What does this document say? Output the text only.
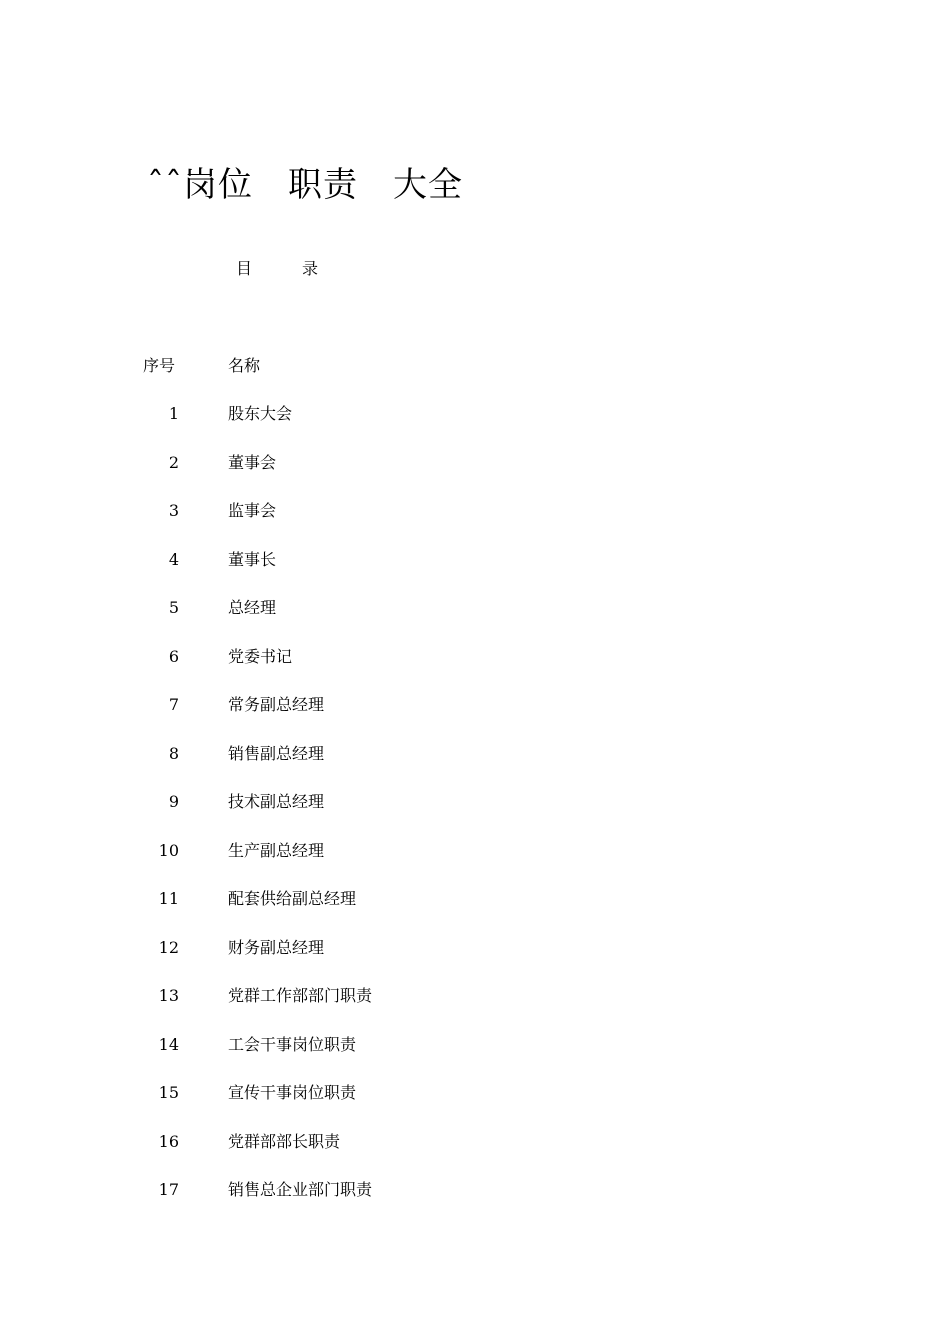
ˆˆ岗位　职责　大全
目	录
序号	名称
1	股东大会
2	董事会
3	监事会
4	董事长
5	总经理
6	党委书记
7	常务副总经理
8	销售副总经理
9	技术副总经理
10	生产副总经理
11	配套供给副总经理
12	财务副总经理
13	党群工作部部门职责
14	工会干事岗位职责
15	宣传干事岗位职责
16	党群部部长职责
17	销售总企业部门职责
